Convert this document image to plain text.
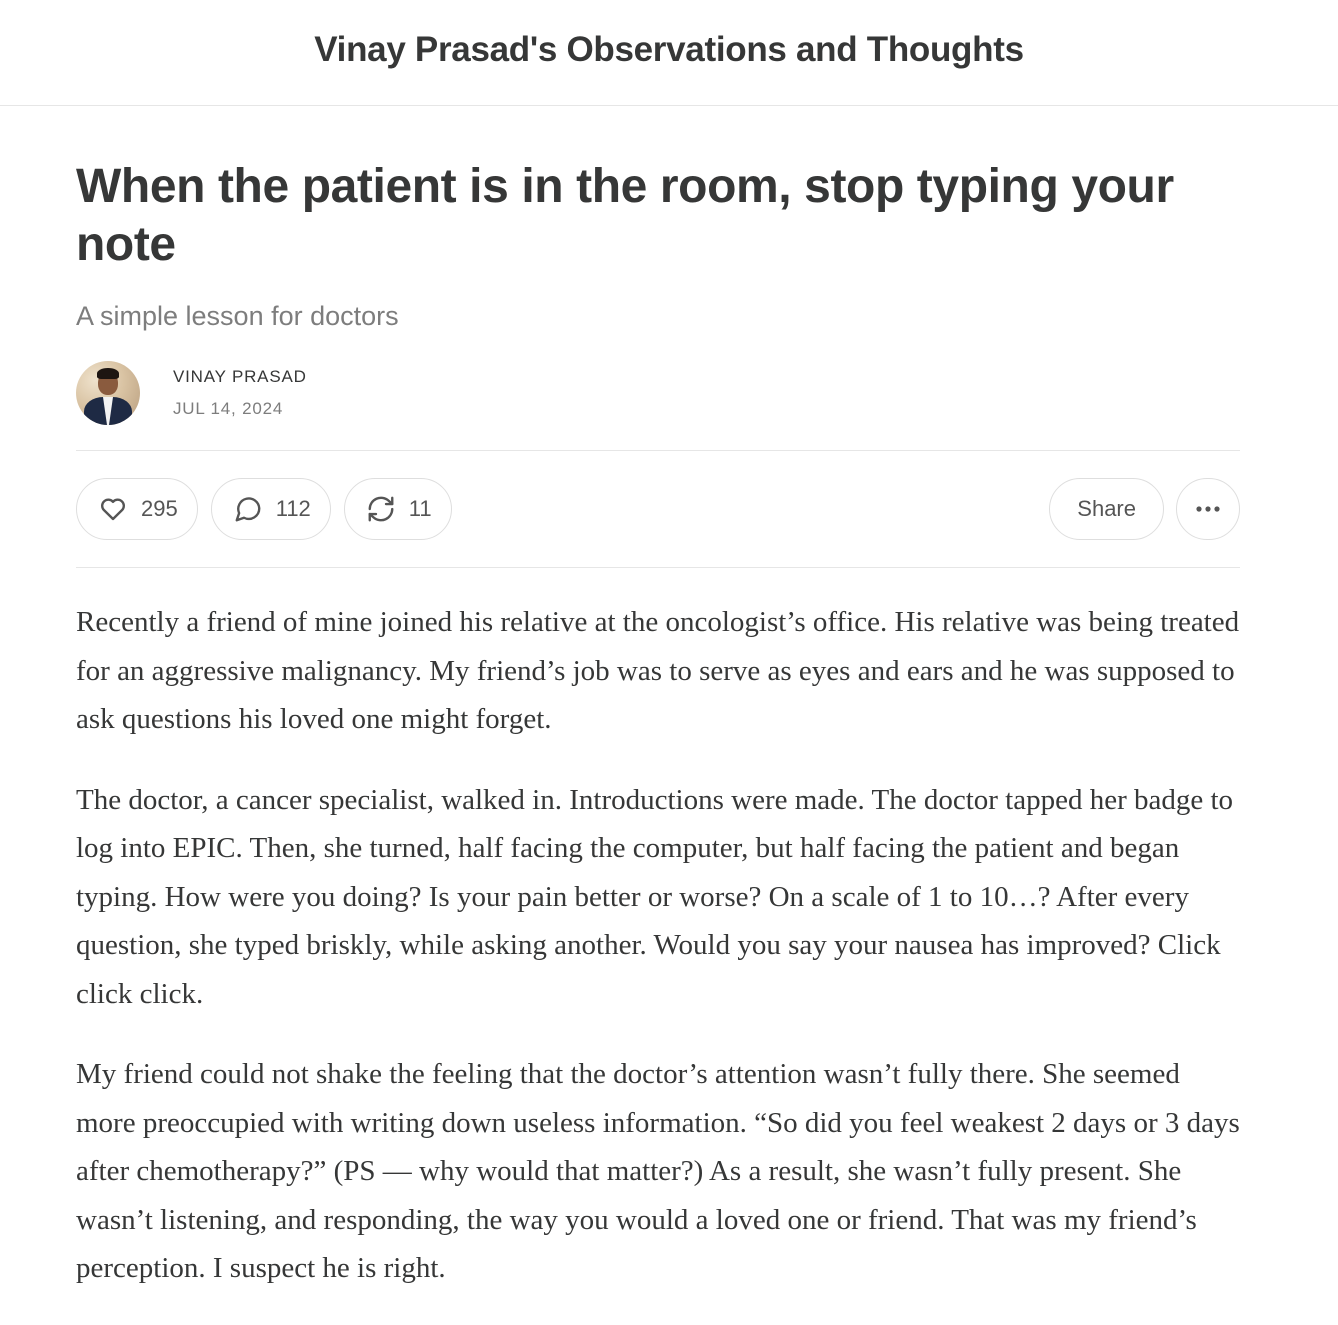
Vinay Prasad's Observations and Thoughts
When the patient is in the room, stop typing your note
A simple lesson for doctors
VINAY PRASAD
JUL 14, 2024
295	112	11	Share

Recently a friend of mine joined his relative at the oncologist’s office. His relative was being treated for an aggressive malignancy. My friend’s job was to serve as eyes and ears and he was supposed to ask questions his loved one might forget.

The doctor, a cancer specialist, walked in. Introductions were made. The doctor tapped her badge to log into EPIC. Then, she turned, half facing the computer, but half facing the patient and began typing. How were you doing? Is your pain better or worse? On a scale of 1 to 10…? After every question, she typed briskly, while asking another. Would you say your nausea has improved? Click click click.

My friend could not shake the feeling that the doctor’s attention wasn’t fully there. She seemed more preoccupied with writing down useless information. “So did you feel weakest 2 days or 3 days after chemotherapy?” (PS — why would that matter?) As a result, she wasn’t fully present. She wasn’t listening, and responding, the way you would a loved one or friend. That was my friend’s perception. I suspect he is right.
